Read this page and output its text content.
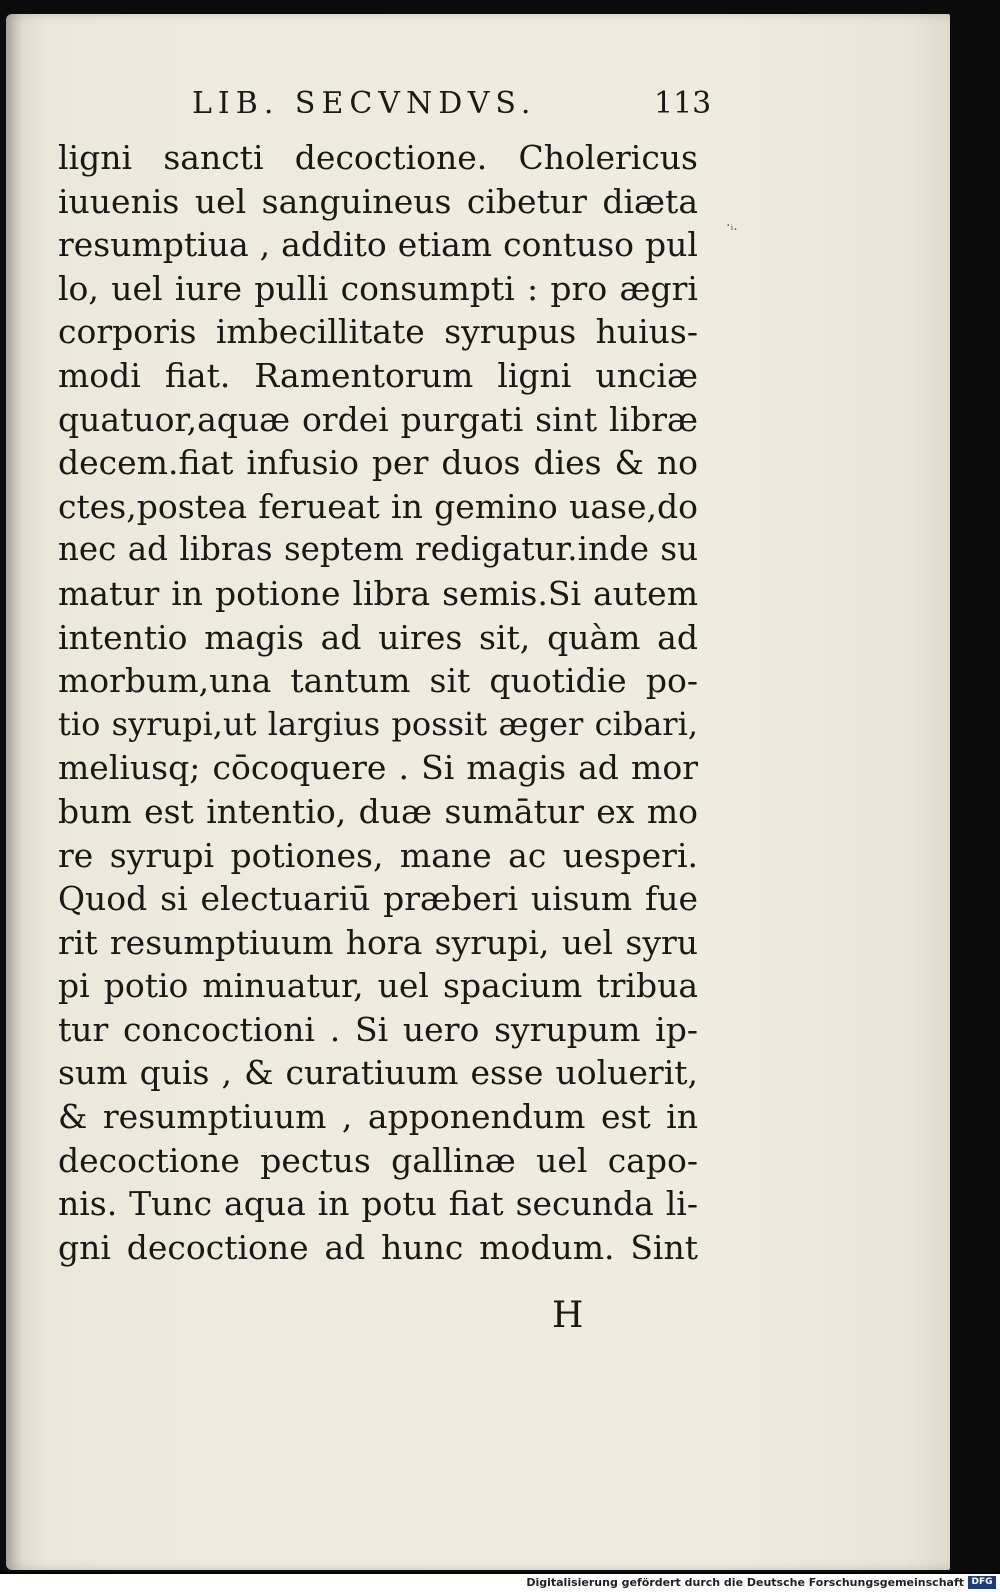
LIB. SECVNDVS.	113
·ᵢ.
ligni sancti decoctione. Cholericus
iuuenis uel sanguineus cibetur diæta
resumptiua , addito etiam contuso pul
lo, uel iure pulli consumpti : pro ægri
corporis imbecillitate syrupus huius-
modi fiat. Ramentorum ligni unciæ
quatuor,aquæ ordei purgati sint libræ
decem.fiat infusio per duos dies & no
ctes,postea ferueat in gemino uase,do
nec ad libras septem redigatur.inde su
matur in potione libra semis.Si autem
intentio magis ad uires sit, quàm ad
morbum,una tantum sit quotidie po-
tio syrupi,ut largius possit æger cibari,
meliusq; cōcoquere . Si magis ad mor
bum est intentio, duæ sumātur ex mo
re syrupi potiones, mane ac uesperi.
Quod si electuariū præberi uisum fue
rit resumptiuum hora syrupi, uel syru
pi potio minuatur, uel spacium tribua
tur concoctioni . Si uero syrupum ip-
sum quis , & curatiuum esse uoluerit,
& resumptiuum , apponendum est in
decoctione pectus gallinæ uel capo-
nis. Tunc aqua in potu fiat secunda li-
gni decoctione ad hunc modum. Sint
H
Digitalisierung gefördert durch die Deutsche Forschungsgemeinschaft DFG
